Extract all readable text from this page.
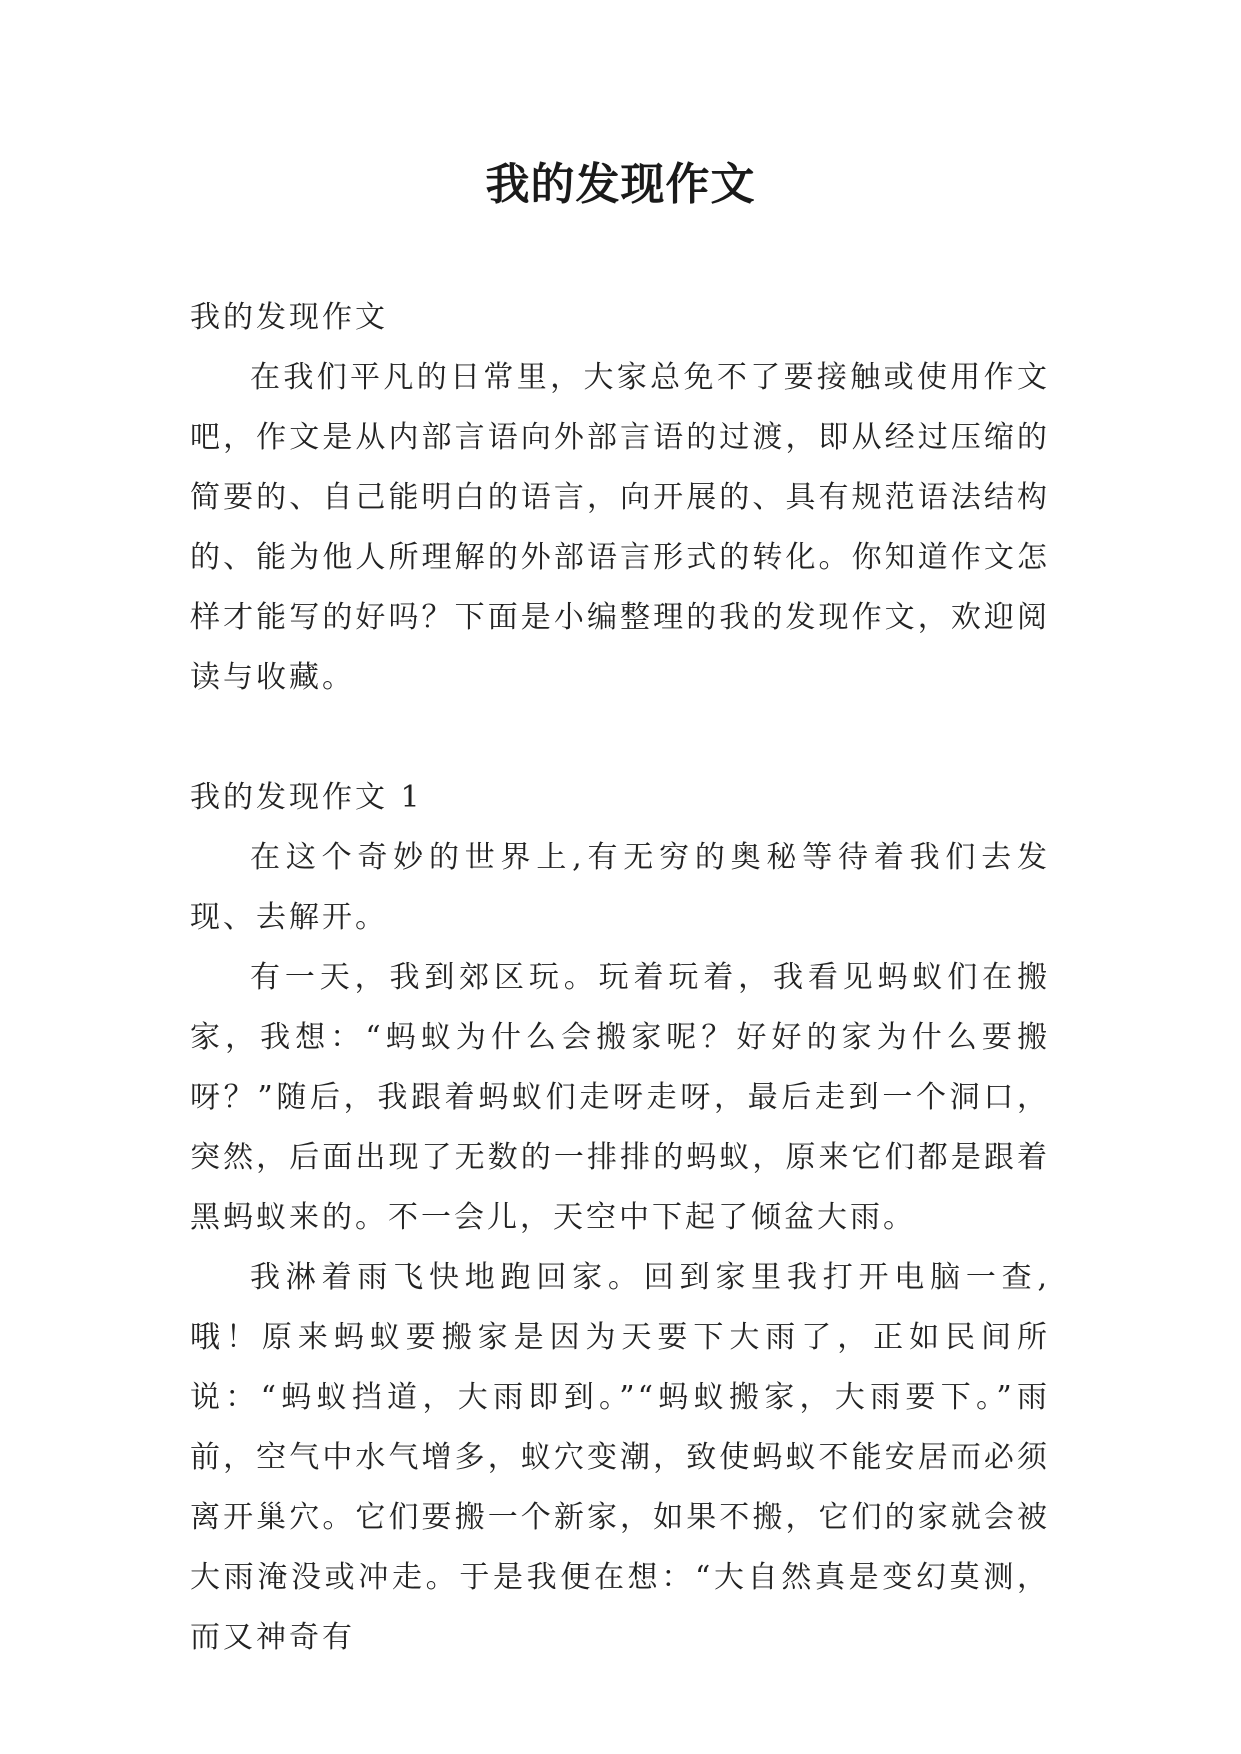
我的发现作文

我的发现作文

在我们平凡的日常里，大家总免不了要接触或使用作文吧，作文是从内部言语向外部言语的过渡，即从经过压缩的简要的、自己能明白的语言，向开展的、具有规范语法结构的、能为他人所理解的外部语言形式的转化。你知道作文怎样才能写的好吗？下面是小编整理的我的发现作文，欢迎阅读与收藏。

我的发现作文 1

在这个奇妙的世界上,有无穷的奥秘等待着我们去发现、去解开。

有一天，我到郊区玩。玩着玩着，我看见蚂蚁们在搬家，我想：“蚂蚁为什么会搬家呢？好好的家为什么要搬呀？”随后，我跟着蚂蚁们走呀走呀，最后走到一个洞口，突然，后面出现了无数的一排排的蚂蚁，原来它们都是跟着黑蚂蚁来的。不一会儿，天空中下起了倾盆大雨。

我淋着雨飞快地跑回家。回到家里我打开电脑一查,哦！原来蚂蚁要搬家是因为天要下大雨了，正如民间所说：“蚂蚁挡道，大雨即到。”“蚂蚁搬家，大雨要下。”雨前，空气中水气增多，蚁穴变潮，致使蚂蚁不能安居而必须离开巢穴。它们要搬一个新家，如果不搬，它们的家就会被大雨淹没或冲走。于是我便在想：“大自然真是变幻莫测，而又神奇有
